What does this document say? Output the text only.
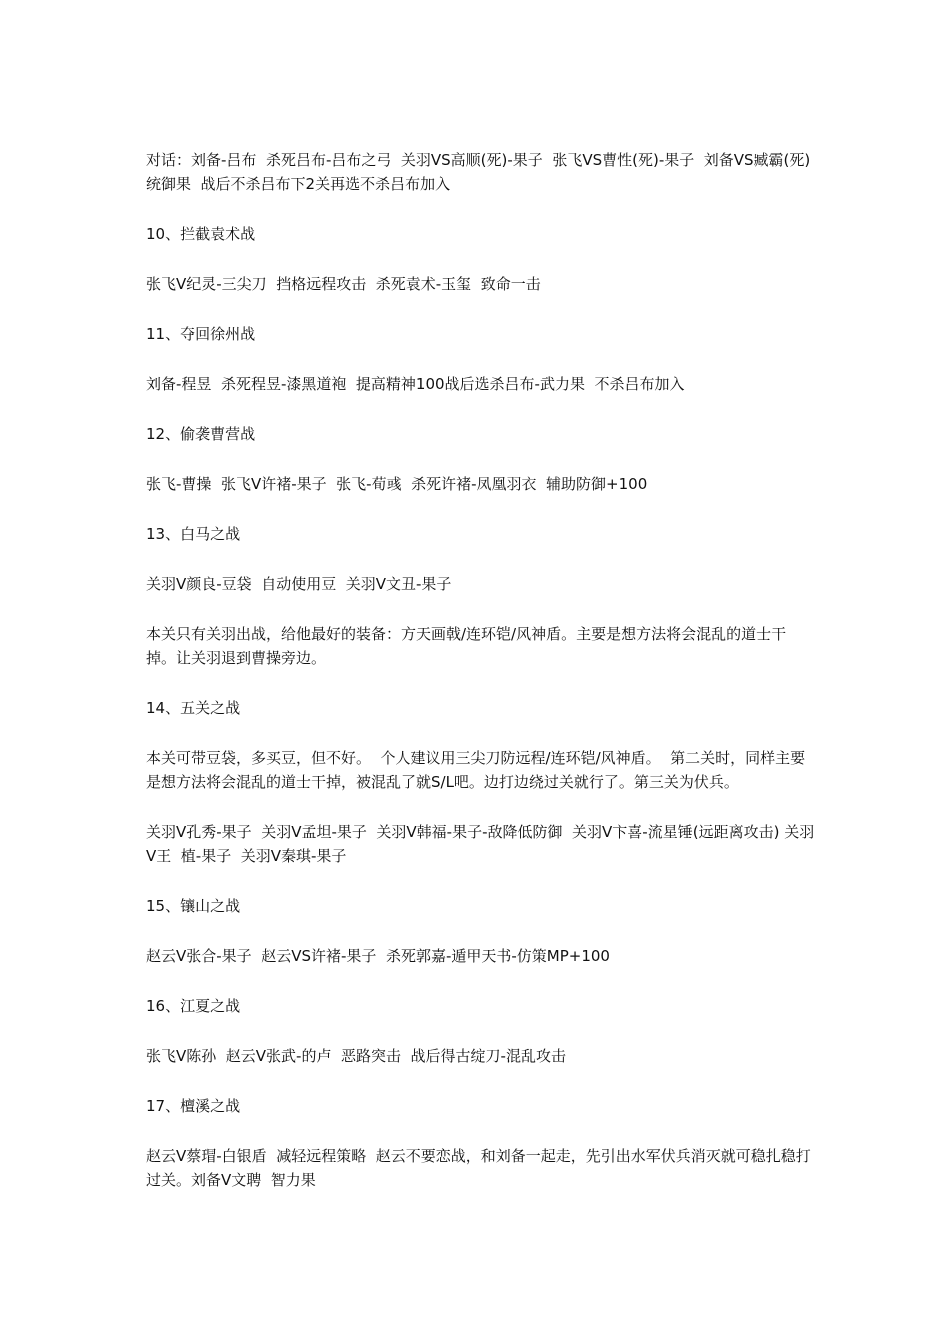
对话：刘备-吕布  杀死吕布-吕布之弓  关羽VS高顺(死)-果子  张飞VS曹性(死)-果子  刘备VS臧霸(死)统御果  战后不杀吕布下2关再选不杀吕布加入

10、拦截袁术战

张飞V纪灵-三尖刀  挡格远程攻击  杀死袁术-玉玺  致命一击

11、夺回徐州战

刘备-程昱  杀死程昱-漆黑道袍  提高精神100战后选杀吕布-武力果  不杀吕布加入

12、偷袭曹营战

张飞-曹操  张飞V许褚-果子  张飞-荀彧  杀死许褚-凤凰羽衣  辅助防御+100

13、白马之战

关羽V颜良-豆袋  自动使用豆  关羽V文丑-果子

本关只有关羽出战，给他最好的装备：方天画戟/连环铠/风神盾。主要是想方法将会混乱的道士干掉。让关羽退到曹操旁边。

14、五关之战

本关可带豆袋，多买豆，但不好。  个人建议用三尖刀防远程/连环铠/风神盾。  第二关时，同样主要是想方法将会混乱的道士干掉，被混乱了就S/L吧。边打边绕过关就行了。第三关为伏兵。

关羽V孔秀-果子  关羽V孟坦-果子  关羽V韩福-果子-敌降低防御  关羽V卞喜-流星锤(远距离攻击) 关羽V王  植-果子  关羽V秦琪-果子

15、镶山之战

赵云V张合-果子  赵云VS许褚-果子  杀死郭嘉-遁甲天书-仿策MP+100

16、江夏之战

张飞V陈孙  赵云V张武-的卢  恶路突击  战后得古绽刀-混乱攻击

17、檀溪之战

赵云V蔡瑁-白银盾  减轻远程策略  赵云不要恋战，和刘备一起走，先引出水军伏兵消灭就可稳扎稳打过关。刘备V文聘  智力果
